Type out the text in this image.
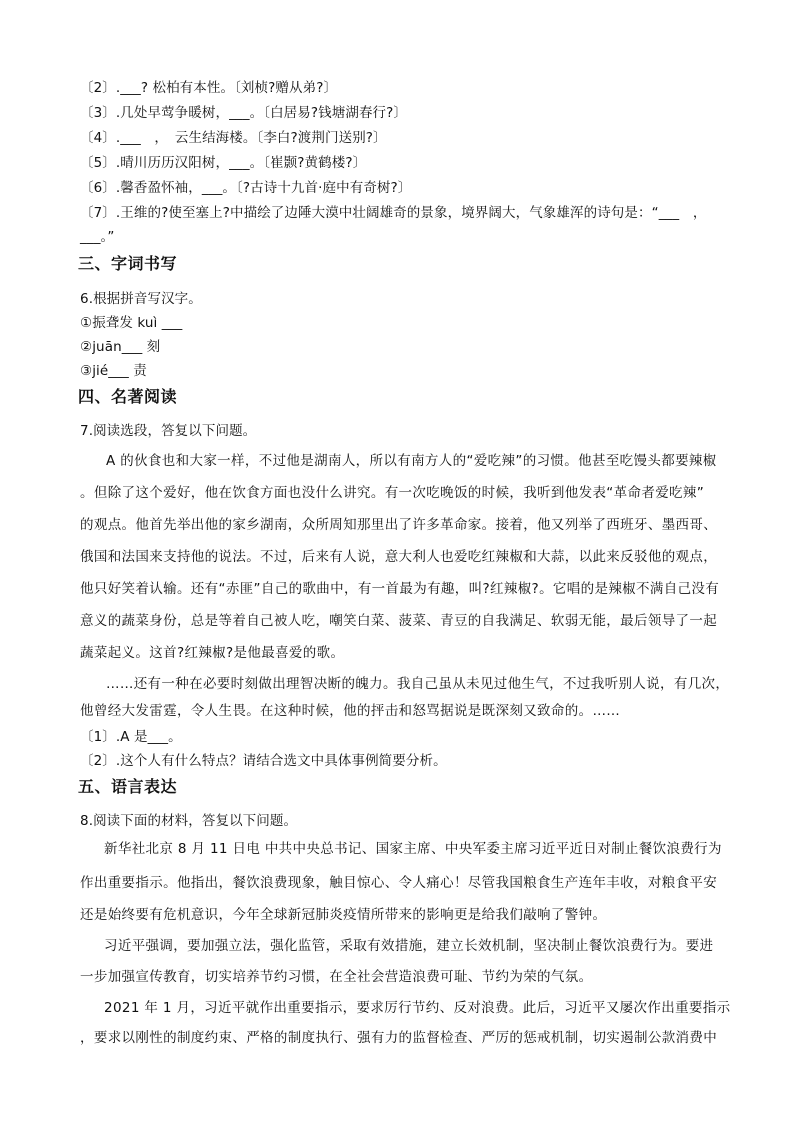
〔2〕.___? 松柏有本性。〔刘桢?赠从弟?〕
〔3〕.几处早莺争暖树，___。〔白居易?钱塘湖春行?〕
〔4〕.___　，　云生结海楼。〔李白?渡荆门送别?〕
〔5〕.晴川历历汉阳树，___。〔崔颢?黄鹤楼?〕
〔6〕.馨香盈怀袖，___。〔?古诗十九首·庭中有奇树?〕
〔7〕.王维的?使至塞上?中描绘了边陲大漠中壮阔雄奇的景象，境界阔大，气象雄浑的诗句是：“___　，
___。”
三、字词书写
6.根据拼音写汉字。
①振聋发 kuì ___
②juān___ 刻
③jié___ 责
四、名著阅读
7.阅读选段，答复以下问题。
A 的伙食也和大家一样，不过他是湖南人，所以有南方人的“爱吃辣”的习惯。他甚至吃馒头都要辣椒
。但除了这个爱好，他在饮食方面也没什么讲究。有一次吃晚饭的时候，我听到他发表“革命者爱吃辣”
的观点。他首先举出他的家乡湖南，众所周知那里出了许多革命家。接着，他又列举了西班牙、墨西哥、
俄国和法国来支持他的说法。不过，后来有人说，意大利人也爱吃红辣椒和大蒜，以此来反驳他的观点，
他只好笑着认输。还有“赤匪”自己的歌曲中，有一首最为有趣，叫?红辣椒?。它唱的是辣椒不满自己没有
意义的蔬菜身份，总是等着自己被人吃，嘲笑白菜、菠菜、青豆的自我满足、软弱无能，最后领导了一起
蔬菜起义。这首?红辣椒?是他最喜爱的歌。
……还有一种在必要时刻做出理智决断的魄力。我自己虽从未见过他生气，不过我听别人说，有几次，
他曾经大发雷霆，令人生畏。在这种时候，他的抨击和怒骂据说是既深刻又致命的。……
〔1〕.A 是___。
〔2〕.这个人有什么特点？请结合选文中具体事例简要分析。
五、语言表达
8.阅读下面的材料，答复以下问题。
新华社北京 8 月 11 日电 中共中央总书记、国家主席、中央军委主席习近平近日对制止餐饮浪费行为
作出重要指示。他指出，餐饮浪费现象，触目惊心、令人痛心！尽管我国粮食生产连年丰收，对粮食平安
还是始终要有危机意识，今年全球新冠肺炎疫情所带来的影响更是给我们敲响了警钟。
习近平强调，要加强立法，强化监管，采取有效措施，建立长效机制，坚决制止餐饮浪费行为。要进
一步加强宣传教育，切实培养节约习惯，在全社会营造浪费可耻、节约为荣的气氛。
2021 年 1 月，习近平就作出重要指示，要求厉行节约、反对浪费。此后，习近平又屡次作出重要指示
，要求以刚性的制度约束、严格的制度执行、强有力的监督检查、严厉的惩戒机制，切实遏制公款消费中
